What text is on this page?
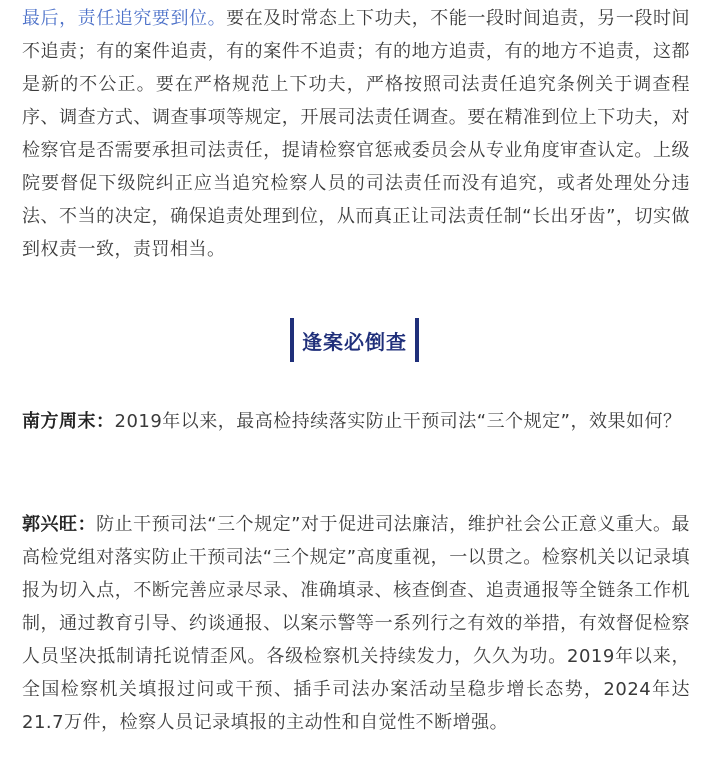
最后，责任追究要到位。要在及时常态上下功夫，不能一段时间追责，另一段时间不追责；有的案件追责，有的案件不追责；有的地方追责，有的地方不追责，这都是新的不公正。要在严格规范上下功夫，严格按照司法责任追究条例关于调查程序、调查方式、调查事项等规定，开展司法责任调查。要在精准到位上下功夫，对检察官是否需要承担司法责任，提请检察官惩戒委员会从专业角度审查认定。上级院要督促下级院纠正应当追究检察人员的司法责任而没有追究，或者处理处分违法、不当的决定，确保追责处理到位，从而真正让司法责任制“长出牙齿”，切实做到权责一致，责罚相当。

逢案必倒查

南方周末：2019年以来，最高检持续落实防止干预司法“三个规定”，效果如何？

郭兴旺：防止干预司法“三个规定”对于促进司法廉洁，维护社会公正意义重大。最高检党组对落实防止干预司法“三个规定”高度重视，一以贯之。检察机关以记录填报为切入点，不断完善应录尽录、准确填录、核查倒查、追责通报等全链条工作机制，通过教育引导、约谈通报、以案示警等一系列行之有效的举措，有效督促检察人员坚决抵制请托说情歪风。各级检察机关持续发力，久久为功。2019年以来，全国检察机关填报过问或干预、插手司法办案活动呈稳步增长态势，2024年达21.7万件，检察人员记录填报的主动性和自觉性不断增强。
